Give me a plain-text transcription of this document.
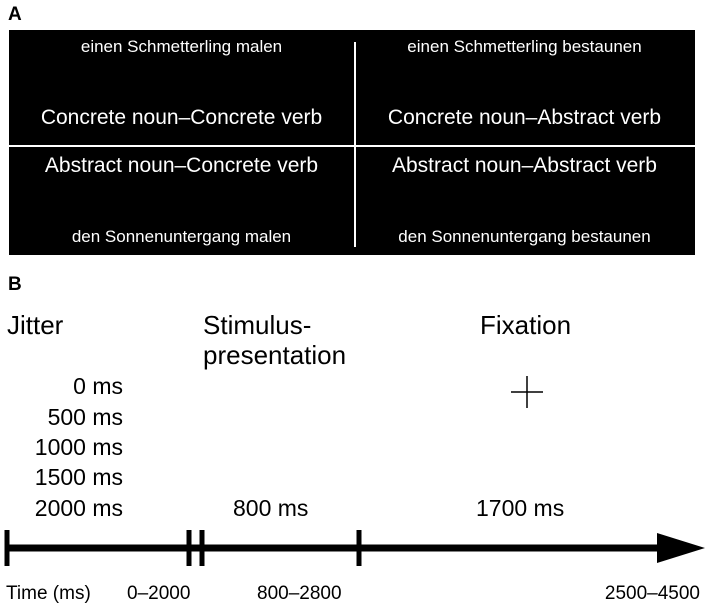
A
einen Schmetterling malen
Concrete noun–Concrete verb
einen Schmetterling bestaunen
Concrete noun–Abstract verb
Abstract noun–Concrete verb
den Sonnenuntergang malen
Abstract noun–Abstract verb
den Sonnenuntergang bestaunen
B
Jitter
0 ms
500 ms
1000 ms
1500 ms
2000 ms
Stimulus-
presentation
800 ms
Fixation
1700 ms
Time (ms) 0–2000	800–2800	2500–4500
